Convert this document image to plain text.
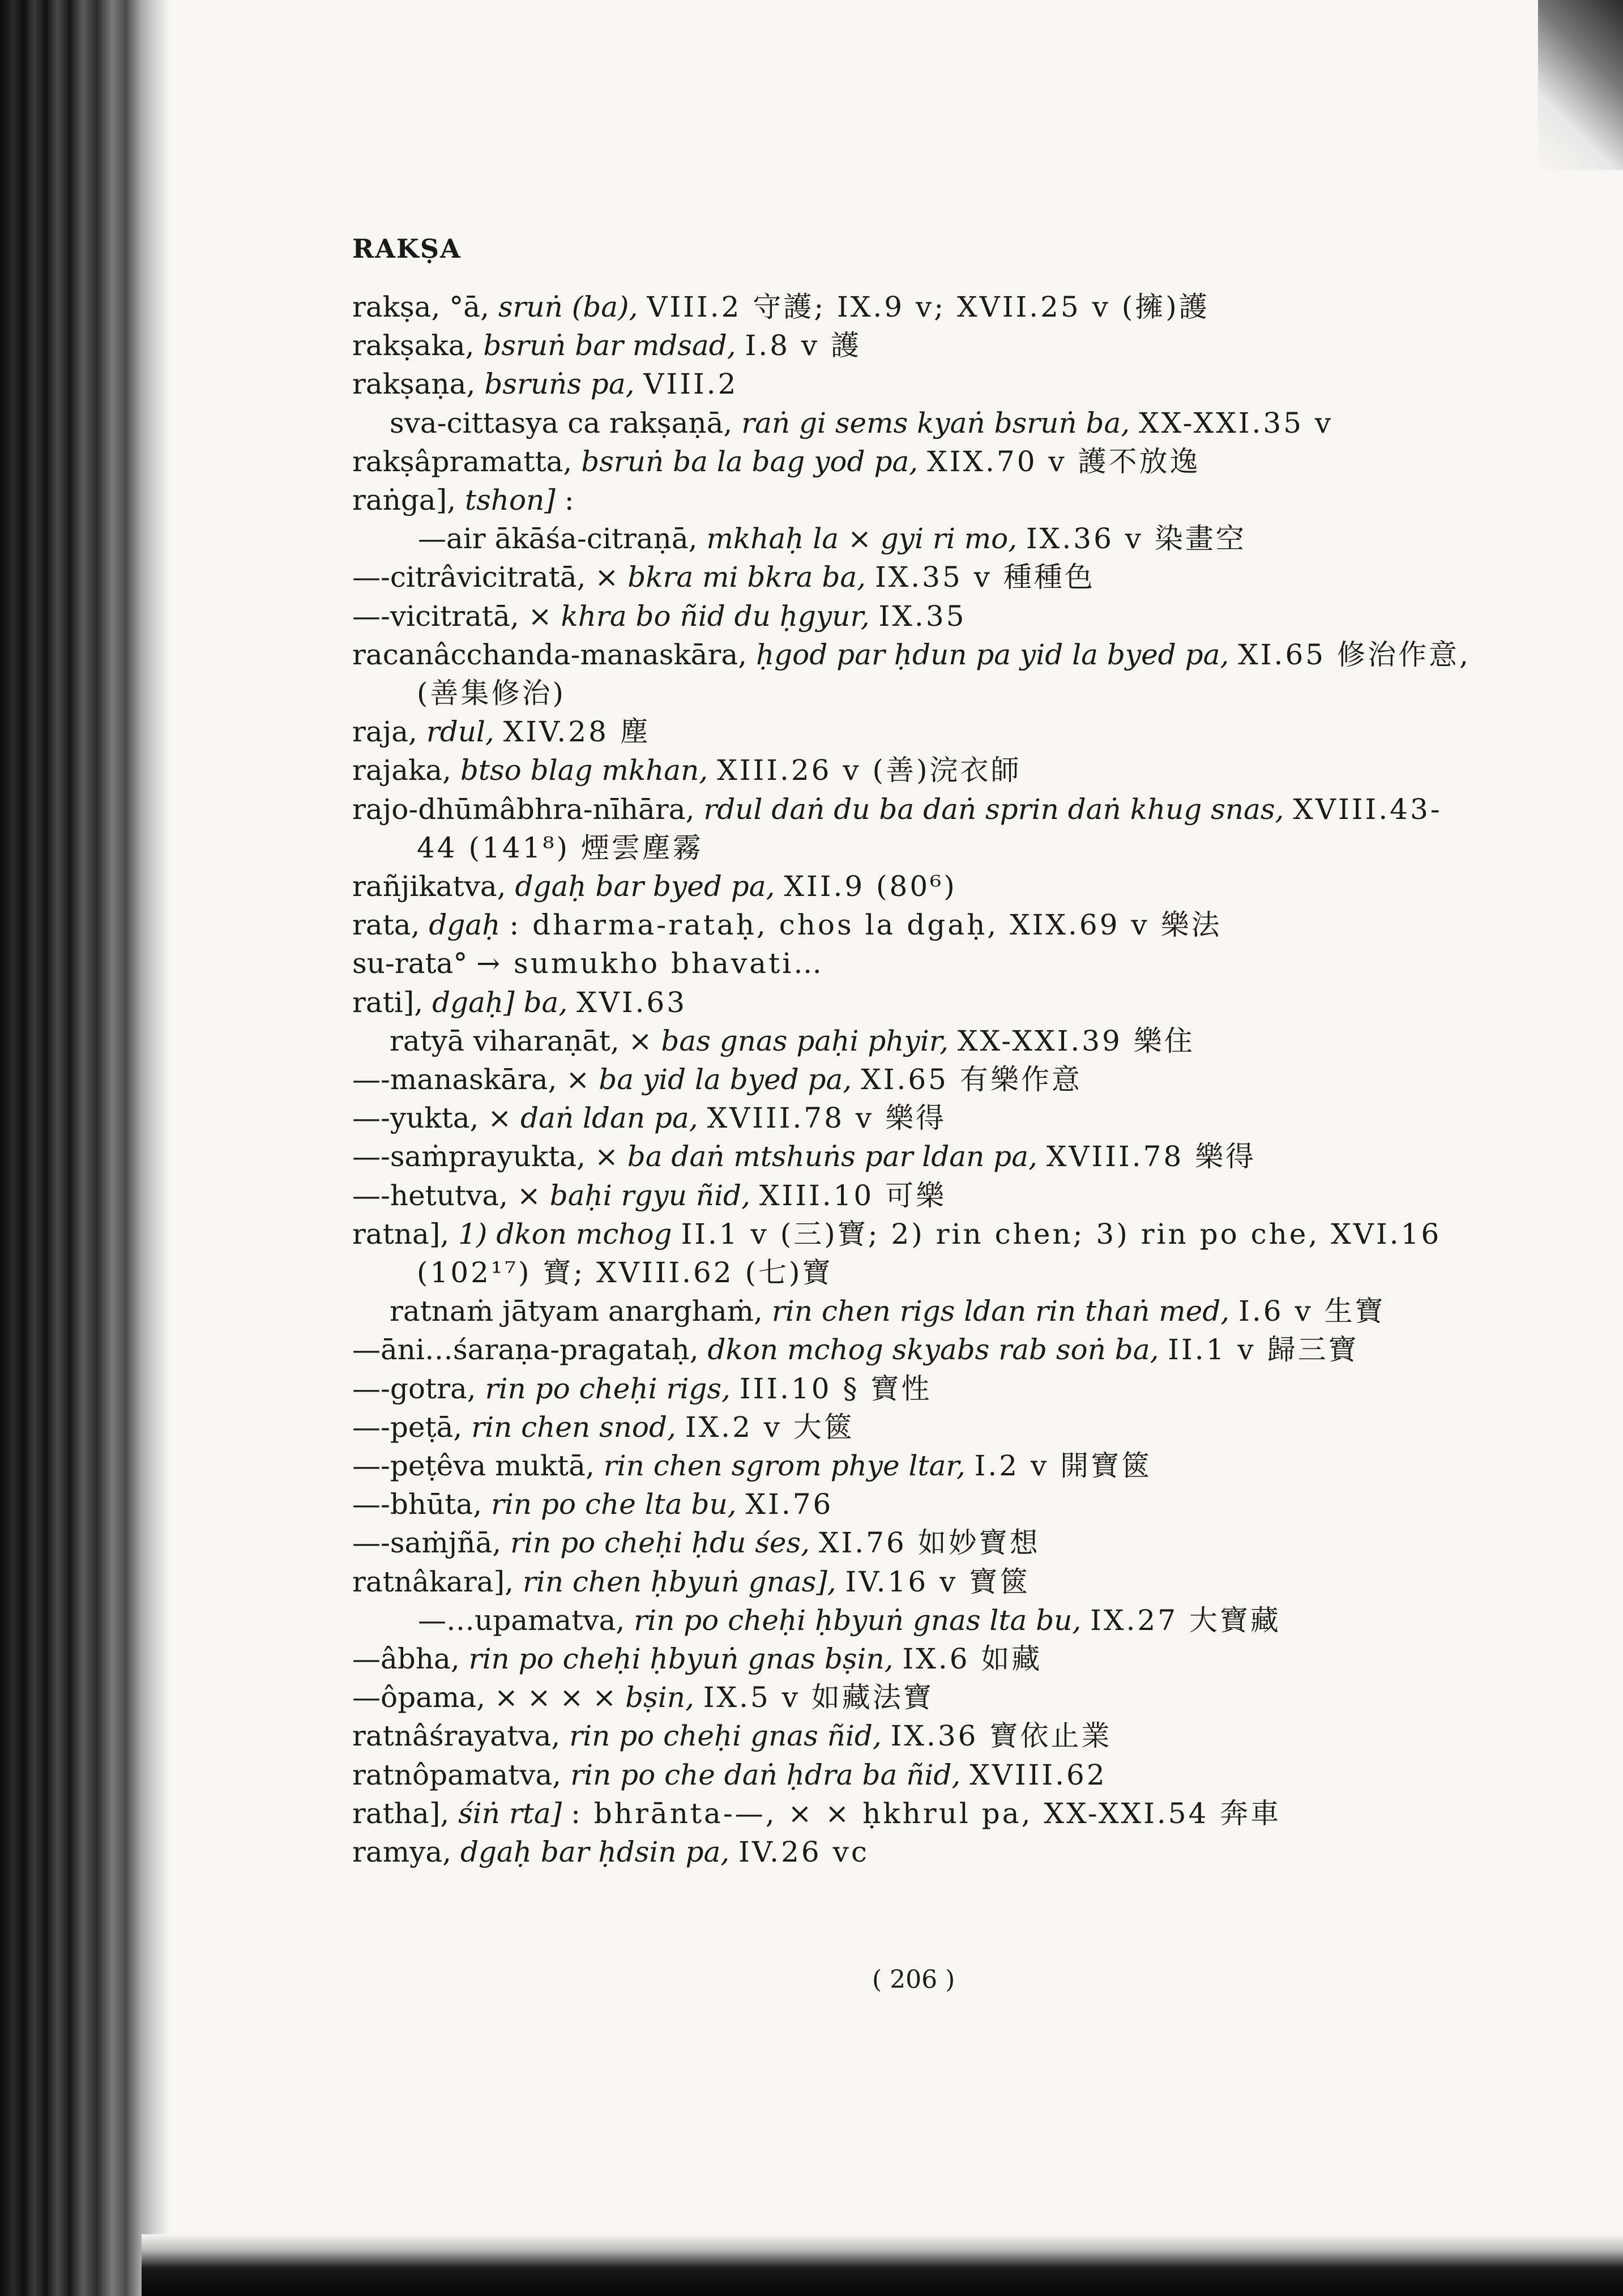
RAKṢA
rakṣa, °ā, sruṅ (ba), VIII.2 守護; IX.9 v; XVII.25 v (擁)護
rakṣaka, bsruṅ bar mdsad, I.8 v 護
rakṣaṇa, bsruṅs pa, VIII.2
sva-cittasya ca rakṣaṇā, raṅ gi sems kyaṅ bsruṅ ba, XX-XXI.35 v
rakṣâpramatta, bsruṅ ba la bag yod pa, XIX.70 v 護不放逸
raṅga], tshon] :
—air ākāśa-citraṇā, mkhaḥ la × gyi ri mo, IX.36 v 染畫空
—-citrâvicitratā, × bkra mi bkra ba, IX.35 v 種種色
—-vicitratā, × khra bo ñid du ḥgyur, IX.35
racanâcchanda-manaskāra, ḥgod par ḥdun pa yid la byed pa, XI.65 修治作意,
(善集修治)
raja, rdul, XIV.28 塵
rajaka, btso blag mkhan, XIII.26 v (善)浣衣師
rajo-dhūmâbhra-nīhāra, rdul daṅ du ba daṅ sprin daṅ khug snas, XVIII.43-
44 (141⁸) 煙雲塵霧
rañjikatva, dgaḥ bar byed pa, XII.9 (80⁶)
rata, dgaḥ : dharma-rataḥ, chos la dgaḥ, XIX.69 v 樂法
su-rata° → sumukho bhavati…
rati], dgaḥ] ba, XVI.63
ratyā viharaṇāt, × bas gnas paḥi phyir, XX-XXI.39 樂住
—-manaskāra, × ba yid la byed pa, XI.65 有樂作意
—-yukta, × daṅ ldan pa, XVIII.78 v 樂得
—-saṁprayukta, × ba daṅ mtshuṅs par ldan pa, XVIII.78 樂得
—-hetutva, × baḥi rgyu ñid, XIII.10 可樂
ratna], 1) dkon mchog II.1 v (三)寶; 2) rin chen; 3) rin po che, XVI.16
(102¹⁷) 寶; XVIII.62 (七)寶
ratnaṁ jātyam anarghaṁ, rin chen rigs ldan rin thaṅ med, I.6 v 生寶
—āni…śaraṇa-pragataḥ, dkon mchog skyabs rab soṅ ba, II.1 v 歸三寶
—-gotra, rin po cheḥi rigs, III.10 § 寶性
—-peṭā, rin chen snod, IX.2 v 大篋
—-peṭêva muktā, rin chen sgrom phye ltar, I.2 v 開寶篋
—-bhūta, rin po che lta bu, XI.76
—-saṁjñā, rin po cheḥi ḥdu śes, XI.76 如妙寶想
ratnâkara], rin chen ḥbyuṅ gnas], IV.16 v 寶篋
—…upamatva, rin po cheḥi ḥbyuṅ gnas lta bu, IX.27 大寶藏
—âbha, rin po cheḥi ḥbyuṅ gnas bṣin, IX.6 如藏
—ôpama, × × × × bṣin, IX.5 v 如藏法寶
ratnâśrayatva, rin po cheḥi gnas ñid, IX.36 寶依止業
ratnôpamatva, rin po che daṅ ḥdra ba ñid, XVIII.62
ratha], śiṅ rta] : bhrānta-—, × × ḥkhrul pa, XX-XXI.54 奔車
ramya, dgaḥ bar ḥdsin pa, IV.26 vc
( 206 )
